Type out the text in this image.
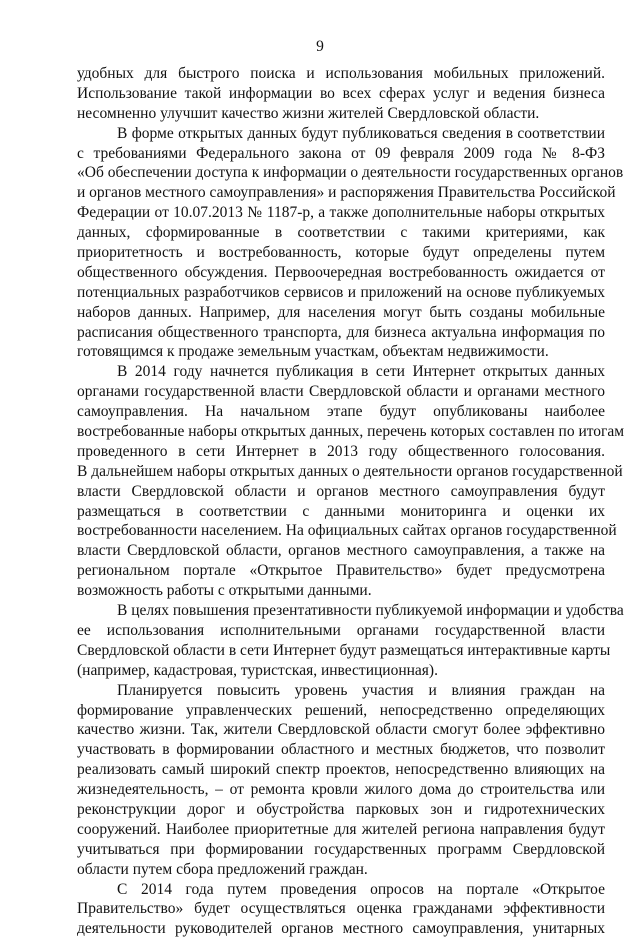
9
удобных для быстрого поиска и использования мобильных приложений.
Использование такой информации во всех сферах услуг и ведения бизнеса
несомненно улучшит качество жизни жителей Свердловской области.
В форме открытых данных будут публиковаться сведения в соответствии
с требованиями Федерального закона от 09 февраля 2009 года № 8-ФЗ
«Об обеспечении доступа к информации о деятельности государственных органов
и органов местного самоуправления» и распоряжения Правительства Российской
Федерации от 10.07.2013 № 1187-р, а также дополнительные наборы открытых
данных, сформированные в соответствии с такими критериями, как
приоритетность и востребованность, которые будут определены путем
общественного обсуждения. Первоочередная востребованность ожидается от
потенциальных разработчиков сервисов и приложений на основе публикуемых
наборов данных. Например, для населения могут быть созданы мобильные
расписания общественного транспорта, для бизнеса актуальна информация по
готовящимся к продаже земельным участкам, объектам недвижимости.
В 2014 году начнется публикация в сети Интернет открытых данных
органами государственной власти Свердловской области и органами местного
самоуправления. На начальном этапе будут опубликованы наиболее
востребованные наборы открытых данных, перечень которых составлен по итогам
проведенного в сети Интернет в 2013 году общественного голосования.
В дальнейшем наборы открытых данных о деятельности органов государственной
власти Свердловской области и органов местного самоуправления будут
размещаться в соответствии с данными мониторинга и оценки их
востребованности населением. На официальных сайтах органов государственной
власти Свердловской области, органов местного самоуправления, а также на
региональном портале «Открытое Правительство» будет предусмотрена
возможность работы с открытыми данными.
В целях повышения презентативности публикуемой информации и удобства
ее использования исполнительными органами государственной власти
Свердловской области в сети Интернет будут размещаться интерактивные карты
(например, кадастровая, туристская, инвестиционная).
Планируется повысить уровень участия и влияния граждан на
формирование управленческих решений, непосредственно определяющих
качество жизни. Так, жители Свердловской области смогут более эффективно
участвовать в формировании областного и местных бюджетов, что позволит
реализовать самый широкий спектр проектов, непосредственно влияющих на
жизнедеятельность, – от ремонта кровли жилого дома до строительства или
реконструкции дорог и обустройства парковых зон и гидротехнических
сооружений. Наиболее приоритетные для жителей региона направления будут
учитываться при формировании государственных программ Свердловской
области путем сбора предложений граждан.
С 2014 года путем проведения опросов на портале «Открытое
Правительство» будет осуществляться оценка гражданами эффективности
деятельности руководителей органов местного самоуправления, унитарных
